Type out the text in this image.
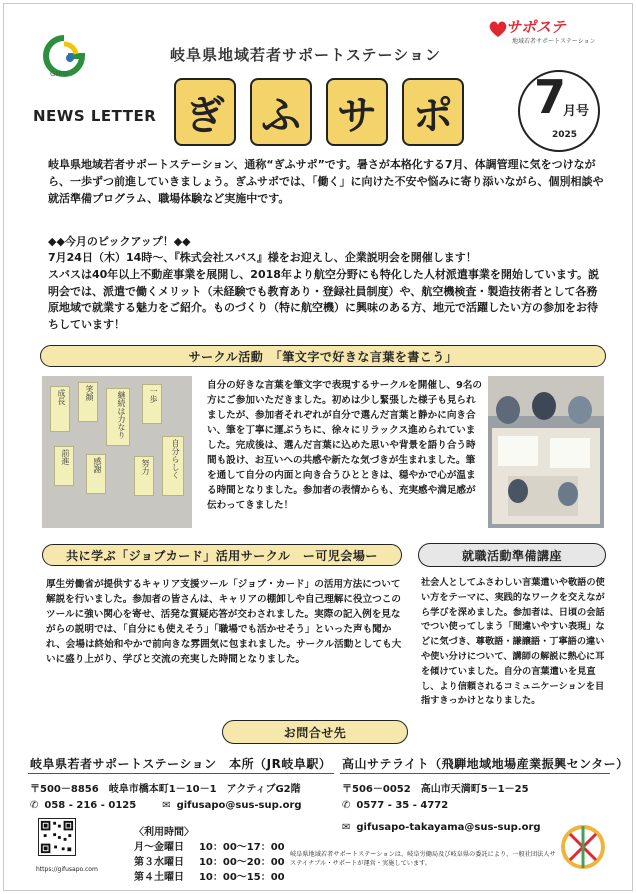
GIFU
岐阜県地域若者サポートステーション
NEWS LETTER
サポステ
地域若者サポートステーション
ぎ ふ サ ポ 7
月号
2025
岐阜県地域若者サポートステーション、通称“ぎふサポ”です。暑さが本格化する7月、体調管理に気をつけながら、一歩ずつ前進していきましょう。ぎふサポでは、「働く」に向けた不安や悩みに寄り添いながら、個別相談や就活準備プログラム、職場体験など実施中です。
◆◆今月のピックアップ！◆◆
7月24日（木）14時〜、『株式会社スバス』様をお迎えし、企業説明会を開催します！
スバスは40年以上不動産事業を展開し、2018年より航空分野にも特化した人材派遣事業を開始しています。説明会では、派遣で働くメリット（未経験でも教育あり・登録社員制度）や、航空機検査・製造技術者として各務原地域で就業する魅力をご紹介。ものづくり（特に航空機）に興味のある方、地元で活躍したい方の参加をお待ちしています！
サークル活動　「筆文字で好きな言葉を書こう」
成長	笑顔	継続は力なり	一歩
前進	感謝	努力	自分らしく
自分の好きな言葉を筆文字で表現するサークルを開催し、9名の方にご参加いただきました。初めは少し緊張した様子も見られましたが、参加者それぞれが自分で選んだ言葉と静かに向き合い、筆を丁寧に運ぶうちに、徐々にリラックス進められていました。完成後は、選んだ言葉に込めた思いや背景を語り合う時間も設け、お互いへの共感や新たな気づきが生まれました。筆を通して自分の内面と向き合うひとときは、穏やかで心が温まる時間となりました。参加者の表情からも、充実感や満足感が伝わってきました！
共に学ぶ「ジョブカード」活用サークル　ー可児会場ー
厚生労働省が提供するキャリア支援ツール「ジョブ・カード」の活用方法について解説を行いました。参加者の皆さんは、キャリアの棚卸しや自己理解に役立つこのツールに強い関心を寄せ、活発な質疑応答が交わされました。実際の記入例を見ながらの説明では、「自分にも使えそう」「職場でも活かせそう」といった声も聞かれ、会場は終始和やかで前向きな雰囲気に包まれました。サークル活動としても大いに盛り上がり、学びと交流の充実した時間となりました。
就職活動準備講座
社会人としてふさわしい言葉遣いや敬語の使い方をテーマに、実践的なワークを交えながら学びを深めました。参加者は、日頃の会話でつい使ってしまう「間違いやすい表現」などに気づき、尊敬語・謙譲語・丁寧語の違いや使い分けについて、講師の解説に熱心に耳を傾けていました。自分の言葉遣いを見直し、より信頼されるコミュニケーションを目指すきっかけとなりました。
お問合せ先
岐阜県若者サポートステーション　本所（JR岐阜駅） 高山サテライト（飛騨地域地場産業振興センター）
〒500－8856　岐阜市橋本町1－10－1　アクティブG2階	〒506－0052　高山市天満町5－1－25
✆ 058 - 216 - 0125	✉ gifusapo@sus-sup.org	✆ 0577 - 35 - 4772
✉ gifusapo-takayama@sus-sup.org
https://gifusapo.com
〈利用時間〉
月〜金曜日 10：00〜17：00
第３水曜日 10：00〜20：00
第４土曜日 10：00〜15：00
岐阜県地域若者サポートステーションは、岐阜労働局及び岐阜県の委託により、一般社団法人サステイナブル・サポートが運営・実施しています。
